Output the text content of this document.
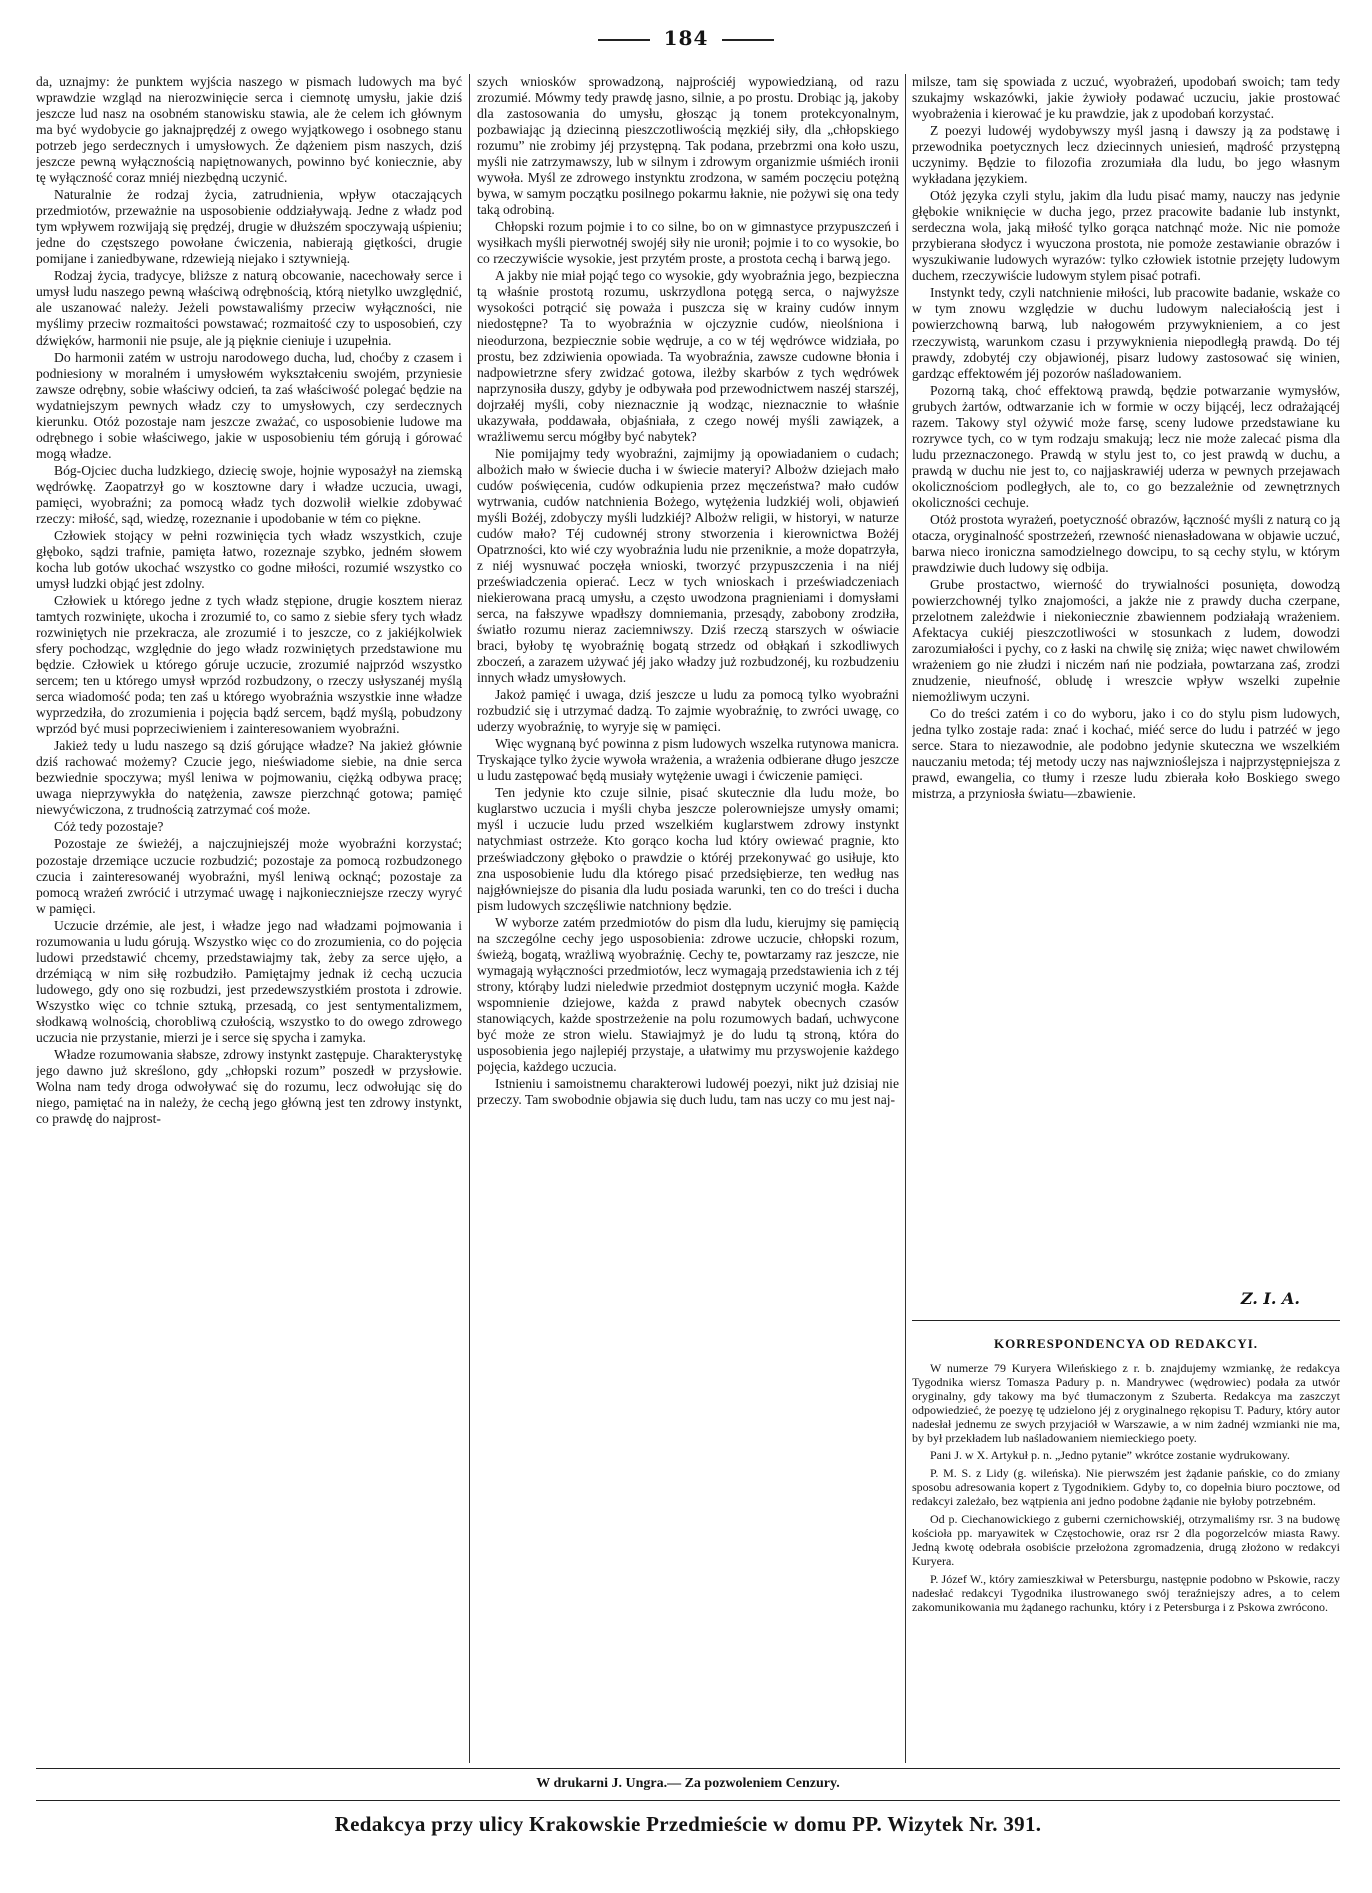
184

da, uznajmy: że punktem wyjścia naszego w pismach ludowych ma być wprawdzie wzgląd na nierozwinięcie serca i ciemnotę umysłu, jakie dziś jeszcze lud nasz na osobném stanowisku stawia, ale że celem ich głównym ma być wydobycie go jaknajprędzéj z owego wyjątkowego i osobnego stanu potrzeb jego serdecznych i umysłowych. Że dążeniem pism naszych, dziś jeszcze pewną wyłącznością napiętnowanych, powinno być koniecznie, aby tę wyłączność coraz mniéj niezbędną uczynić.

Naturalnie że rodzaj życia, zatrudnienia, wpływ otaczających przedmiotów, przeważnie na usposobienie oddziaływają. Jedne z władz pod tym wpływem rozwijają się prędzéj, drugie w dłuższém spoczywają uśpieniu; jedne do częstszego powołane ćwiczenia, nabierają giętkości, drugie pomijane i zaniedbywane, rdzewieją niejako i sztywnieją.

Rodzaj życia, tradycye, bliższe z naturą obcowanie, nacechowały serce i umysł ludu naszego pewną właściwą odrębnością, którą nietylko uwzględnić, ale uszanować należy. Jeżeli powstawaliśmy przeciw wyłączności, nie myślimy przeciw rozmaitości powstawać; rozmaitość czy to usposobień, czy dźwięków, harmonii nie psuje, ale ją pięknie cieniuje i uzupełnia.

Do harmonii zatém w ustroju narodowego ducha, lud, choćby z czasem i podniesiony w moralném i umysłowém wykształceniu swojém, przyniesie zawsze odrębny, sobie właściwy odcień, ta zaś właściwość polegać będzie na wydatniejszym pewnych władz czy to umysłowych, czy serdecznych kierunku. Otóż pozostaje nam jeszcze zważać, co usposobienie ludowe ma odrębnego i sobie właściwego, jakie w usposobieniu tém górują i górować mogą władze.

Bóg-Ojciec ducha ludzkiego, dziecię swoje, hojnie wyposażył na ziemską wędrówkę. Zaopatrzył go w kosztowne dary i władze uczucia, uwagi, pamięci, wyobraźni; za pomocą władz tych dozwolił wielkie zdobywać rzeczy: miłość, sąd, wiedzę, rozeznanie i upodobanie w tém co piękne.

Człowiek stojący w pełni rozwinięcia tych władz wszystkich, czuje głęboko, sądzi trafnie, pamięta łatwo, rozeznaje szybko, jedném słowem kocha lub gotów ukochać wszystko co godne miłości, rozumié wszystko co umysł ludzki objąć jest zdolny.

Człowiek u którego jedne z tych władz stępione, drugie kosztem nieraz tamtych rozwinięte, ukocha i zrozumié to, co samo z siebie sfery tych władz rozwiniętych nie przekracza, ale zrozumié i to jeszcze, co z jakiéjkolwiek sfery pochodząc, względnie do jego władz rozwiniętych przedstawione mu będzie. Człowiek u którego góruje uczucie, zrozumié najprzód wszystko sercem; ten u którego umysł wprzód rozbudzony, o rzeczy usłyszanéj myślą serca wiadomość poda; ten zaś u którego wyobraźnia wszystkie inne władze wyprzedziła, do zrozumienia i pojęcia bądź sercem, bądź myślą, pobudzony wprzód być musi poprzeciwieniem i zainteresowaniem wyobraźni.

Jakież tedy u ludu naszego są dziś górujące władze? Na jakież głównie dziś rachować możemy? Czucie jego, nieświadome siebie, na dnie serca bezwiednie spoczywa; myśl leniwa w pojmowaniu, ciężką odbywa pracę; uwaga nieprzywykła do natężenia, zawsze pierzchnąć gotowa; pamięć niewyćwiczona, z trudnością zatrzymać coś może.

Cóż tedy pozostaje?

Pozostaje ze świeżéj, a najczujniejszéj może wyobraźni korzystać; pozostaje drzemiące uczucie rozbudzić; pozostaje za pomocą rozbudzonego czucia i zainteresowanéj wyobraźni, myśl leniwą ocknąć; pozostaje za pomocą wrażeń zwrócić i utrzymać uwagę i najkonieczniejsze rzeczy wyryć w pamięci.

Uczucie drzémie, ale jest, i władze jego nad władzami pojmowania i rozumowania u ludu górują. Wszystko więc co do zrozumienia, co do pojęcia ludowi przedstawić chcemy, przedstawiajmy tak, żeby za serce ujęło, a drzémiącą w nim siłę rozbudziło. Pamiętajmy jednak iż cechą uczucia ludowego, gdy ono się rozbudzi, jest przedewszystkiém prostota i zdrowie. Wszystko więc co tchnie sztuką, przesadą, co jest sentymentalizmem, słodkawą wolnością, chorobliwą czułością, wszystko to do owego zdrowego uczucia nie przystanie, mierzi je i serce się spycha i zamyka.

Władze rozumowania słabsze, zdrowy instynkt zastępuje. Charakterystykę jego dawno już skreślono, gdy „chłopski rozum” poszedł w przysłowie. Wolna nam tedy droga odwoływać się do rozumu, lecz odwołując się do niego, pamiętać na in należy, że cechą jego główną jest ten zdrowy instynkt, co prawdę do najprost-

szych wniosków sprowadzoną, najprościéj wypowiedzianą, od razu zrozumié. Mówmy tedy prawdę jasno, silnie, a po prostu. Drobiąc ją, jakoby dla zastosowania do umysłu, głosząc ją tonem protekcyonalnym, pozbawiając ją dziecinną pieszczotliwością męzkiéj siły, dla „chłopskiego rozumu” nie zrobimy jéj przystępną. Tak podana, przebrzmi ona koło uszu, myśli nie zatrzymawszy, lub w silnym i zdrowym organizmie uśmiéch ironii wywoła. Myśl ze zdrowego instynktu zrodzona, w samém poczęciu potężną bywa, w samym początku posilnego pokarmu łaknie, nie pożywi się ona tedy taką odrobiną.

Chłopski rozum pojmie i to co silne, bo on w gimnastyce przypuszczeń i wysiłkach myśli pierwotnéj swojéj siły nie uronił; pojmie i to co wysokie, bo co rzeczywiście wysokie, jest przytém proste, a prostota cechą i barwą jego.

A jakby nie miał pojąć tego co wysokie, gdy wyobraźnia jego, bezpieczna tą właśnie prostotą rozumu, uskrzydlona potęgą serca, o najwyższe wysokości potrącić się poważa i puszcza się w krainy cudów innym niedostępne? Ta to wyobraźnia w ojczyznie cudów, nieolśniona i nieodurzona, bezpiecznie sobie wędruje, a co w téj wędrówce widziała, po prostu, bez zdziwienia opowiada. Ta wyobraźnia, zawsze cudowne błonia i nadpowietrzne sfery zwidzać gotowa, ileżby skarbów z tych wędrówek naprzynosiła duszy, gdyby je odbywała pod przewodnictwem naszéj starszéj, dojrzałéj myśli, coby nieznacznie ją wodząc, nieznacznie to właśnie ukazywała, poddawała, objaśniała, z czego nowéj myśli zawiązek, a wrażliwemu sercu mógłby być nabytek?

Nie pomijajmy tedy wyobraźni, zajmijmy ją opowiadaniem o cudach; albożich mało w świecie ducha i w świecie materyi? Albożw dziejach mało cudów poświęcenia, cudów odkupienia przez męczeństwa? mało cudów wytrwania, cudów natchnienia Bożego, wytężenia ludzkiéj woli, objawień myśli Bożéj, zdobyczy myśli ludzkiéj? Albożw religii, w historyi, w naturze cudów mało? Téj cudownéj strony stworzenia i kierownictwa Bożéj Opatrzności, kto wié czy wyobraźnia ludu nie przeniknie, a może dopatrzyła, z niéj wysnuwać poczęła wnioski, tworzyć przypuszczenia i na niéj przeświadczenia opierać. Lecz w tych wnioskach i przeświadczeniach niekierowana pracą umysłu, a często uwodzona pragnieniami i domysłami serca, na fałszywe wpadłszy domniemania, przesądy, zabobony zrodziła, światło rozumu nieraz zaciemniwszy. Dziś rzeczą starszych w oświacie braci, byłoby tę wyobraźnię bogatą strzedz od obłąkań i szkodliwych zboczeń, a zarazem używać jéj jako władzy już rozbudzonéj, ku rozbudzeniu innych władz umysłowych.

Jakoż pamięć i uwaga, dziś jeszcze u ludu za pomocą tylko wyobraźni rozbudzić się i utrzymać dadzą. To zajmie wyobraźnię, to zwróci uwagę, co uderzy wyobraźnię, to wyryje się w pamięci.

Więc wygnaną być powinna z pism ludowych wszelka rutynowa manicra. Tryskające tylko życie wywoła wrażenia, a wrażenia odbierane długo jeszcze u ludu zastępować będą musiały wytężenie uwagi i ćwiczenie pamięci.

Ten jedynie kto czuje silnie, pisać skutecznie dla ludu może, bo kuglarstwo uczucia i myśli chyba jeszcze polerowniejsze umysły omami; myśl i uczucie ludu przed wszelkiém kuglarstwem zdrowy instynkt natychmiast ostrzeże. Kto gorąco kocha lud który owiewać pragnie, kto przeświadczony głęboko o prawdzie o któréj przekonywać go usiłuje, kto zna usposobienie ludu dla którego pisać przedsiębierze, ten według nas najgłówniejsze do pisania dla ludu posiada warunki, ten co do treści i ducha pism ludowych szczęśliwie natchniony będzie.

W wyborze zatém przedmiotów do pism dla ludu, kierujmy się pamięcią na szczególne cechy jego usposobienia: zdrowe uczucie, chłopski rozum, świeżą, bogatą, wrażliwą wyobraźnię. Cechy te, powtarzamy raz jeszcze, nie wymagają wyłączności przedmiotów, lecz wymagają przedstawienia ich z téj strony, którąby ludzi nieledwie przedmiot dostępnym uczynić mogła. Każde wspomnienie dziejowe, każda z prawd nabytek obecnych czasów stanowiących, każde spostrzeżenie na polu rozumowych badań, uchwycone być może ze stron wielu. Stawiajmyż je do ludu tą stroną, która do usposobienia jego najlepiéj przystaje, a ułatwimy mu przyswojenie każdego pojęcia, każdego uczucia.

Istnieniu i samoistnemu charakterowi ludowéj poezyi, nikt już dzisiaj nie przeczy. Tam swobodnie objawia się duch ludu, tam nas uczy co mu jest naj-

milsze, tam się spowiada z uczuć, wyobrażeń, upodobań swoich; tam tedy szukajmy wskazówki, jakie żywioły podawać uczuciu, jakie prostować wyobrażenia i kierować je ku prawdzie, jak z upodobań korzystać.

Z poezyi ludowéj wydobywszy myśl jasną i dawszy ją za podstawę i przewodnika poetycznych lecz dziecinnych uniesień, mądrość przystępną uczynimy. Będzie to filozofia zrozumiała dla ludu, bo jego własnym wykładana językiem.

Otóż języka czyli stylu, jakim dla ludu pisać mamy, nauczy nas jedynie głębokie wniknięcie w ducha jego, przez pracowite badanie lub instynkt, serdeczna wola, jaką miłość tylko gorąca natchnąć może. Nic nie pomoże przybierana słodycz i wyuczona prostota, nie pomoże zestawianie obrazów i wyszukiwanie ludowych wyrazów: tylko człowiek istotnie przejęty ludowym duchem, rzeczywiście ludowym stylem pisać potrafi.

Instynkt tedy, czyli natchnienie miłości, lub pracowite badanie, wskaże co w tym znowu względzie w duchu ludowym naleciałością jest i powierzchowną barwą, lub nałogowém przywyknieniem, a co jest rzeczywistą, warunkom czasu i przywyknienia niepodległą prawdą. Do téj prawdy, zdobytéj czy objawionéj, pisarz ludowy zastosować się winien, gardząc effektowém jéj pozorów naśladowaniem.

Pozorną taką, choć effektową prawdą, będzie potwarzanie wymysłów, grubych żartów, odtwarzanie ich w formie w oczy bijącéj, lecz odrażającéj razem. Takowy styl ożywić może farsę, sceny ludowe przedstawiane ku rozrywce tych, co w tym rodzaju smakują; lecz nie może zalecać pisma dla ludu przeznaczonego. Prawdą w stylu jest to, co jest prawdą w duchu, a prawdą w duchu nie jest to, co najjaskrawiéj uderza w pewnych przejawach okolicznościom podległych, ale to, co go bezzależnie od zewnętrznych okoliczności cechuje.

Otóż prostota wyrażeń, poetyczność obrazów, łączność myśli z naturą co ją otacza, oryginalność spostrzeżeń, rzewność nienasładowana w objawie uczuć, barwa nieco ironiczna samodzielnego dowcipu, to są cechy stylu, w którym prawdziwie duch ludowy się odbija.

Grube prostactwo, wierność do trywialności posunięta, dowodzą powierzchownéj tylko znajomości, a jakże nie z prawdy ducha czerpane, przelotnem zależdwie i niekoniecznie zbawiennem podziałają wrażeniem. Afektacya cukiéj pieszczotliwości w stosunkach z ludem, dowodzi zarozumiałości i pychy, co z łaski na chwilę się zniża; więc nawet chwilowém wrażeniem go nie złudzi i niczém nań nie podziała, powtarzana zaś, zrodzi znudzenie, nieufność, obludę i wreszcie wpływ wszelki zupełnie niemożliwym uczyni.

Co do treści zatém i co do wyboru, jako i co do stylu pism ludowych, jedna tylko zostaje rada: znać i kochać, miéć serce do ludu i patrzéć w jego serce. Stara to niezawodnie, ale podobno jedynie skuteczna we wszelkiém nauczaniu metoda; téj metody uczy nas najwznioślejsza i najprzystępniejsza z prawd, ewangelia, co tłumy i rzesze ludu zbierała koło Boskiego swego mistrza, a przyniosła światu—zbawienie.

Z. I. A.
KORRESPONDENCYA OD REDAKCYI.

W numerze 79 Kuryera Wileńskiego z r. b. znajdujemy wzmiankę, że redakcya Tygodnika wiersz Tomasza Padury p. n. Mandrywec (wędrowiec) podała za utwór oryginalny, gdy takowy ma być tłumaczonym z Szuberta. Redakcya ma zaszczyt odpowiedzieć, że poezyę tę udzielono jéj z oryginalnego rękopisu T. Padury, który autor nadesłał jednemu ze swych przyjaciół w Warszawie, a w nim żadnéj wzmianki nie ma, by był przekładem lub naśladowaniem niemieckiego poety.

Pani J. w X. Artykuł p. n. „Jedno pytanie” wkrótce zostanie wydrukowany.

P. M. S. z Lidy (g. wileńska). Nie pierwszém jest żądanie pańskie, co do zmiany sposobu adresowania kopert z Tygodnikiem. Gdyby to, co dopełnia biuro pocztowe, od redakcyi zależało, bez wątpienia ani jedno podobne żądanie nie byłoby potrzebném.

Od p. Ciechanowickiego z guberni czernichowskiéj, otrzymaliśmy rsr. 3 na budowę kościoła pp. maryawitek w Częstochowie, oraz rsr 2 dla pogorzelców miasta Rawy. Jedną kwotę odebrała osobiście przełożona zgromadzenia, drugą złożono w redakcyi Kuryera.

P. Józef W., który zamieszkiwał w Petersburgu, następnie podobno w Pskowie, raczy nadesłać redakcyi Tygodnika ilustrowanego swój teraźniejszy adres, a to celem zakomunikowania mu żądanego rachunku, który i z Petersburga i z Pskowa zwrócono.

W drukarni J. Ungra.— Za pozwoleniem Cenzury.
Redakcya przy ulicy Krakowskie Przedmieście w domu PP. Wizytek Nr. 391.
